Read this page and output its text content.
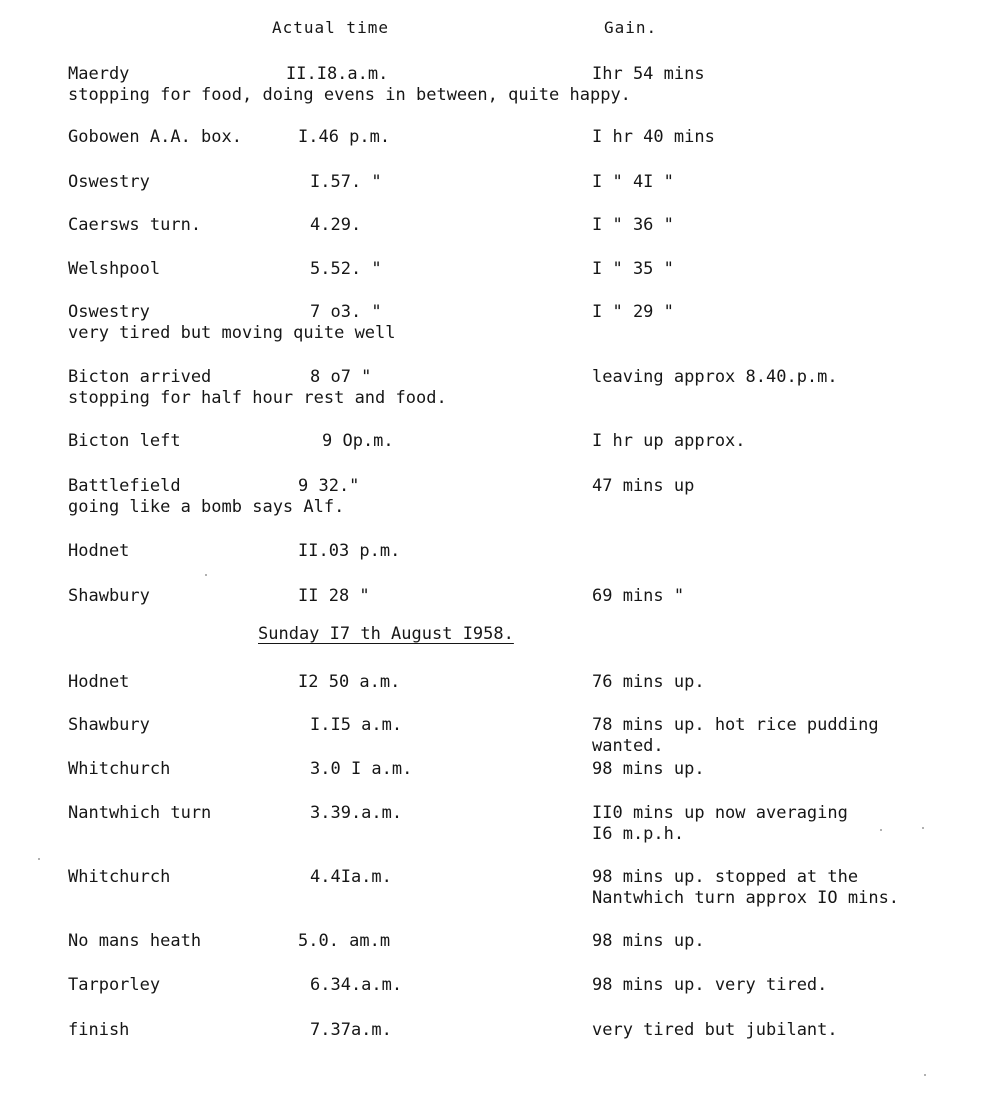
Actual time	Gain.
Maerdy	II.I8.a.m.	Ihr 54 mins
stopping for food, doing evens in between, quite happy.
Gobowen A.A. box.	I.46 p.m.	I hr 40 mins
Oswestry	I.57. "	I " 4I "
Caersws turn.	4.29.	I " 36 "
Welshpool	5.52. "	I " 35 "
Oswestry	7 o3. "	I " 29 "
very tired but moving quite well
Bicton arrived	8 o7 "	leaving approx 8.40.p.m.
stopping for half hour rest and food.
Bicton left	9 Op.m.	I hr up approx.
Battlefield	9 32."	47 mins up
going like a bomb says Alf.
Hodnet	II.03 p.m.
Shawbury	II 28 "	69 mins "
Sunday I7 th August I958.
Hodnet	I2 50 a.m.	76 mins up.
Shawbury	I.I5 a.m.	78 mins up. hot rice pudding
wanted.
Whitchurch	3.0 I a.m.	98 mins up.
Nantwhich turn	3.39.a.m.	II0 mins up now averaging
I6 m.p.h.
Whitchurch	4.4Ia.m.	98 mins up. stopped at the
Nantwhich turn approx IO mins.
No mans heath	5.0. am.m	98 mins up.
Tarporley	6.34.a.m.	98 mins up. very tired.
finish	7.37a.m.	very tired but jubilant.
